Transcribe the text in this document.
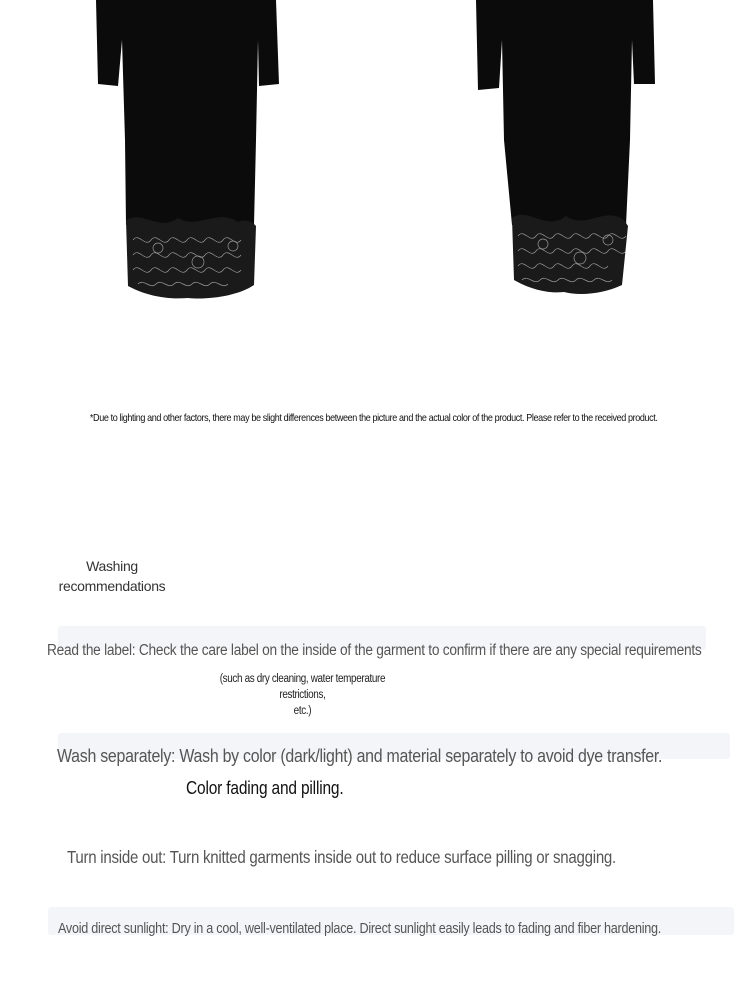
*Due to lighting and other factors, there may be slight differences between the picture and the actual color of the product. Please refer to the received product.
Washing
recommendations
Read the label: Check the care label on the inside of the garment to confirm if there are any special requirements
(such as dry cleaning, water temperature restrictions,
etc.)
Wash separately: Wash by color (dark/light) and material separately to avoid dye transfer.
Color fading and pilling.
Turn inside out: Turn knitted garments inside out to reduce surface pilling or snagging.
Avoid direct sunlight: Dry in a cool, well-ventilated place. Direct sunlight easily leads to fading and fiber hardening.
